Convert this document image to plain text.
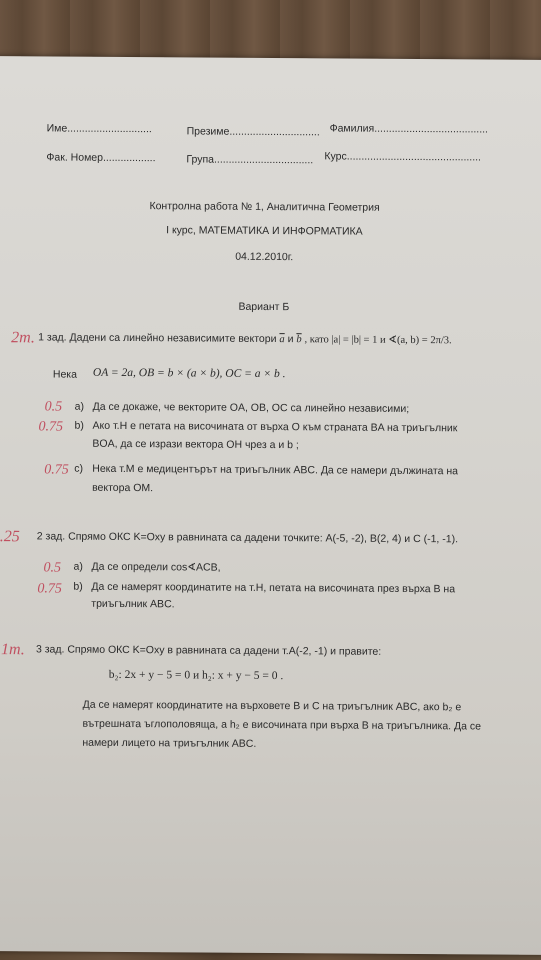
Име.............................	Презиме............................... Фамилия.......................................
Фак. Номер..................	Група.................................. Курс..............................................
Контролна работа № 1, Аналитична Геометрия
I курс, МАТЕМАТИКА И ИНФОРМАТИКА
04.12.2010г.
Вариант Б
2т. 1 зад. Дадени са линейно независимите вектори $\overline{a}$ и $\overline{b}$ , като |a| = |b| = 1 и ∢(a, b) = 2π/3.
Нека OA = 2a, OB = b × (a × b), OC = a × b .
0.5 а) Да се докаже, че векторите OA, OB, OC са линейно независими;
0.75 b) Ако т.H е петата на височината от върха O към страната BA на триъгълник
BOA, да се изрази вектора OH чрез a и b ;
0.75 c) Нека т.M е медицентърът на триъгълник ABC. Да се намери дължината на
вектора OM.
.25 2 зад. Спрямо ОКС K=Oxy в равнината са дадени точките: A(-5, -2), B(2, 4) и C (-1, -1).
0.5 а) Да се определи cos∢ACB,
0.75 b) Да се намерят координатите на т.H, петата на височината през върха B на
триъгълник ABC.
1т. 3 зад. Спрямо ОКС K=Oxy в равнината са дадени т.A(-2, -1) и правите:
b₂: 2x + y − 5 = 0 и h₂: x + y − 5 = 0 .
Да се намерят координатите на върховете B и C на триъгълник ABC, ако b₂ е
вътрешната ъглополовяща, а h₂ е височината при върха B на триъгълника. Да се
намери лицето на триъгълник ABC.
